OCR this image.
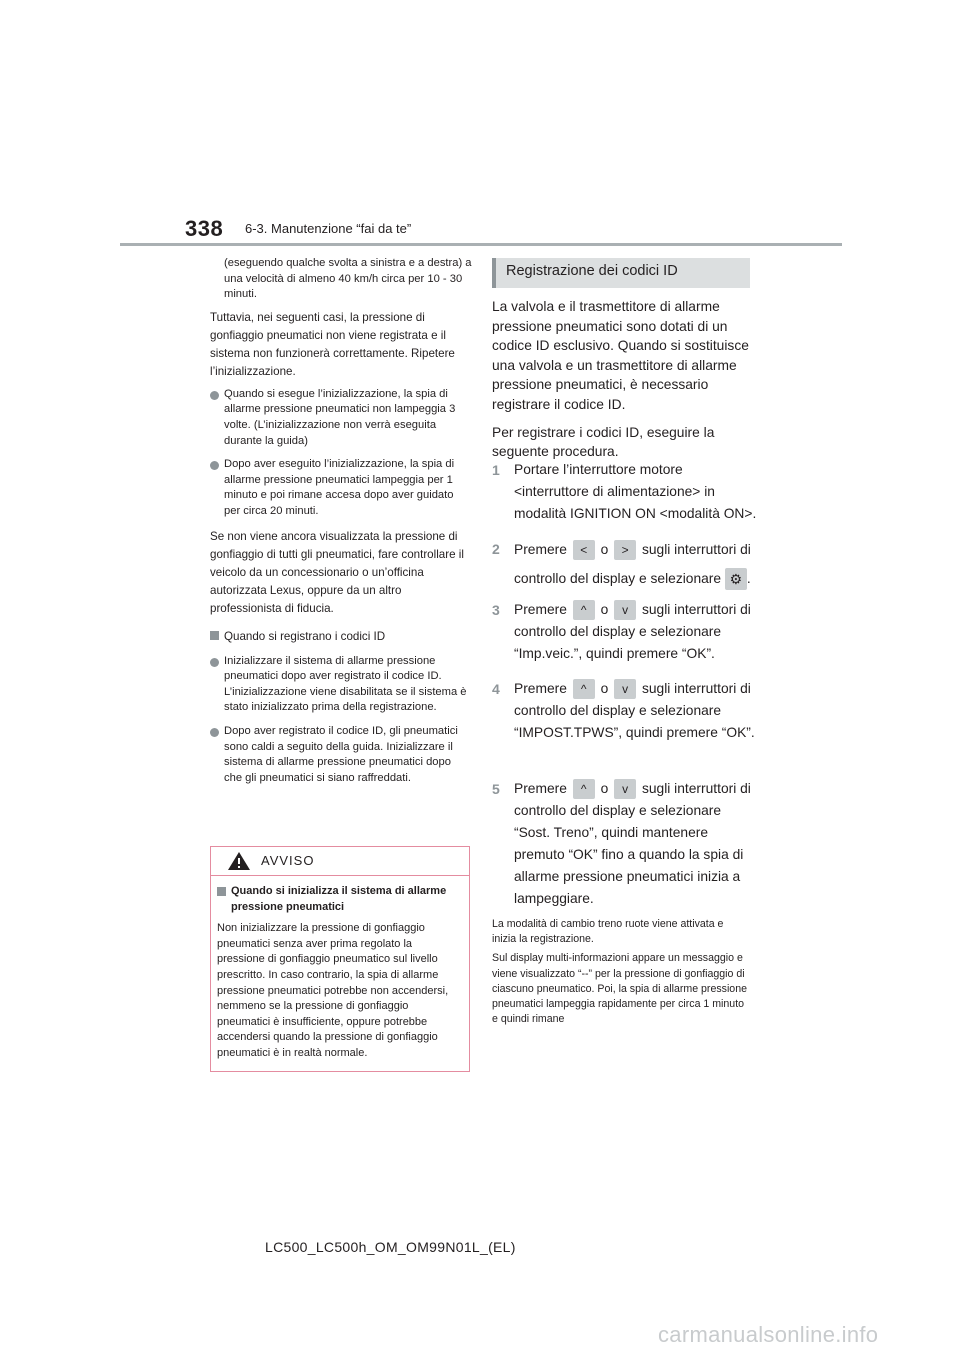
338 6-3. Manutenzione “fai da te”
(eseguendo qualche svolta a sinistra e a destra) a una velocità di almeno 40 km/h circa per 10 - 30 minuti.

Tuttavia, nei seguenti casi, la pressione di gonfiaggio pneumatici non viene registrata e il sistema non funzionerà correttamente. Ripetere l’inizializzazione.

Quando si esegue l’inizializzazione, la spia di allarme pressione pneumatici non lampeggia 3 volte. (L’inizializzazione non verrà eseguita durante la guida)
Dopo aver eseguito l’inizializzazione, la spia di allarme pressione pneumatici lampeggia per 1 minuto e poi rimane accesa dopo aver guidato per circa 20 minuti.

Se non viene ancora visualizzata la pressione di gonfiaggio di tutti gli pneumatici, fare controllare il veicolo da un concessionario o un’officina autorizzata Lexus, oppure da un altro professionista di fiducia.

Quando si registrano i codici ID
Inizializzare il sistema di allarme pressione pneumatici dopo aver registrato il codice ID. L’inizializzazione viene disabilitata se il sistema è stato inizializzato prima della registrazione.
Dopo aver registrato il codice ID, gli pneumatici sono caldi a seguito della guida. Inizializzare il sistema di allarme pressione pneumatici dopo che gli pneumatici si siano raffreddati.
AVVISO
Quando si inizializza il sistema di allarme pressione pneumatici
Non inizializzare la pressione di gonfiaggio pneumatici senza aver prima regolato la pressione di gonfiaggio pneumatico sul livello prescritto. In caso contrario, la spia di allarme pressione pneumatici potrebbe non accendersi, nemmeno se la pressione di gonfiaggio pneumatici è insufficiente, oppure potrebbe accendersi quando la pressione di gonfiaggio pneumatici è in realtà normale.
Registrazione dei codici ID

La valvola e il trasmettitore di allarme pressione pneumatici sono dotati di un codice ID esclusivo. Quando si sostituisce una valvola e un trasmettitore di allarme pressione pneumatici, è necessario registrare il codice ID.

Per registrare i codici ID, eseguire la seguente procedura.

1 Portare l’interruttore motore <interruttore di alimentazione> in modalità IGNITION ON <modalità ON>.
2 Premere < o > sugli interruttori di controllo del display e selezionare ⚙ .
3 Premere ^ o v sugli interruttori di controllo del display e selezionare “Imp.veic.”, quindi premere “OK”.
4 Premere ^ o v sugli interruttori di controllo del display e selezionare “IMPOST.TPWS”, quindi premere “OK”.
5 Premere ^ o v sugli interruttori di controllo del display e selezionare “Sost. Treno”, quindi mantenere premuto “OK” fino a quando la spia di allarme pressione pneumatici inizia a lampeggiare.

La modalità di cambio treno ruote viene attivata e inizia la registrazione.

Sul display multi-informazioni appare un messaggio e viene visualizzato “--” per la pressione di gonfiaggio di ciascuno pneumatico. Poi, la spia di allarme pressione pneumatici lampeggia rapidamente per circa 1 minuto e quindi rimane

LC500_LC500h_OM_OM99N01L_(EL)
carmanualsonline.info
